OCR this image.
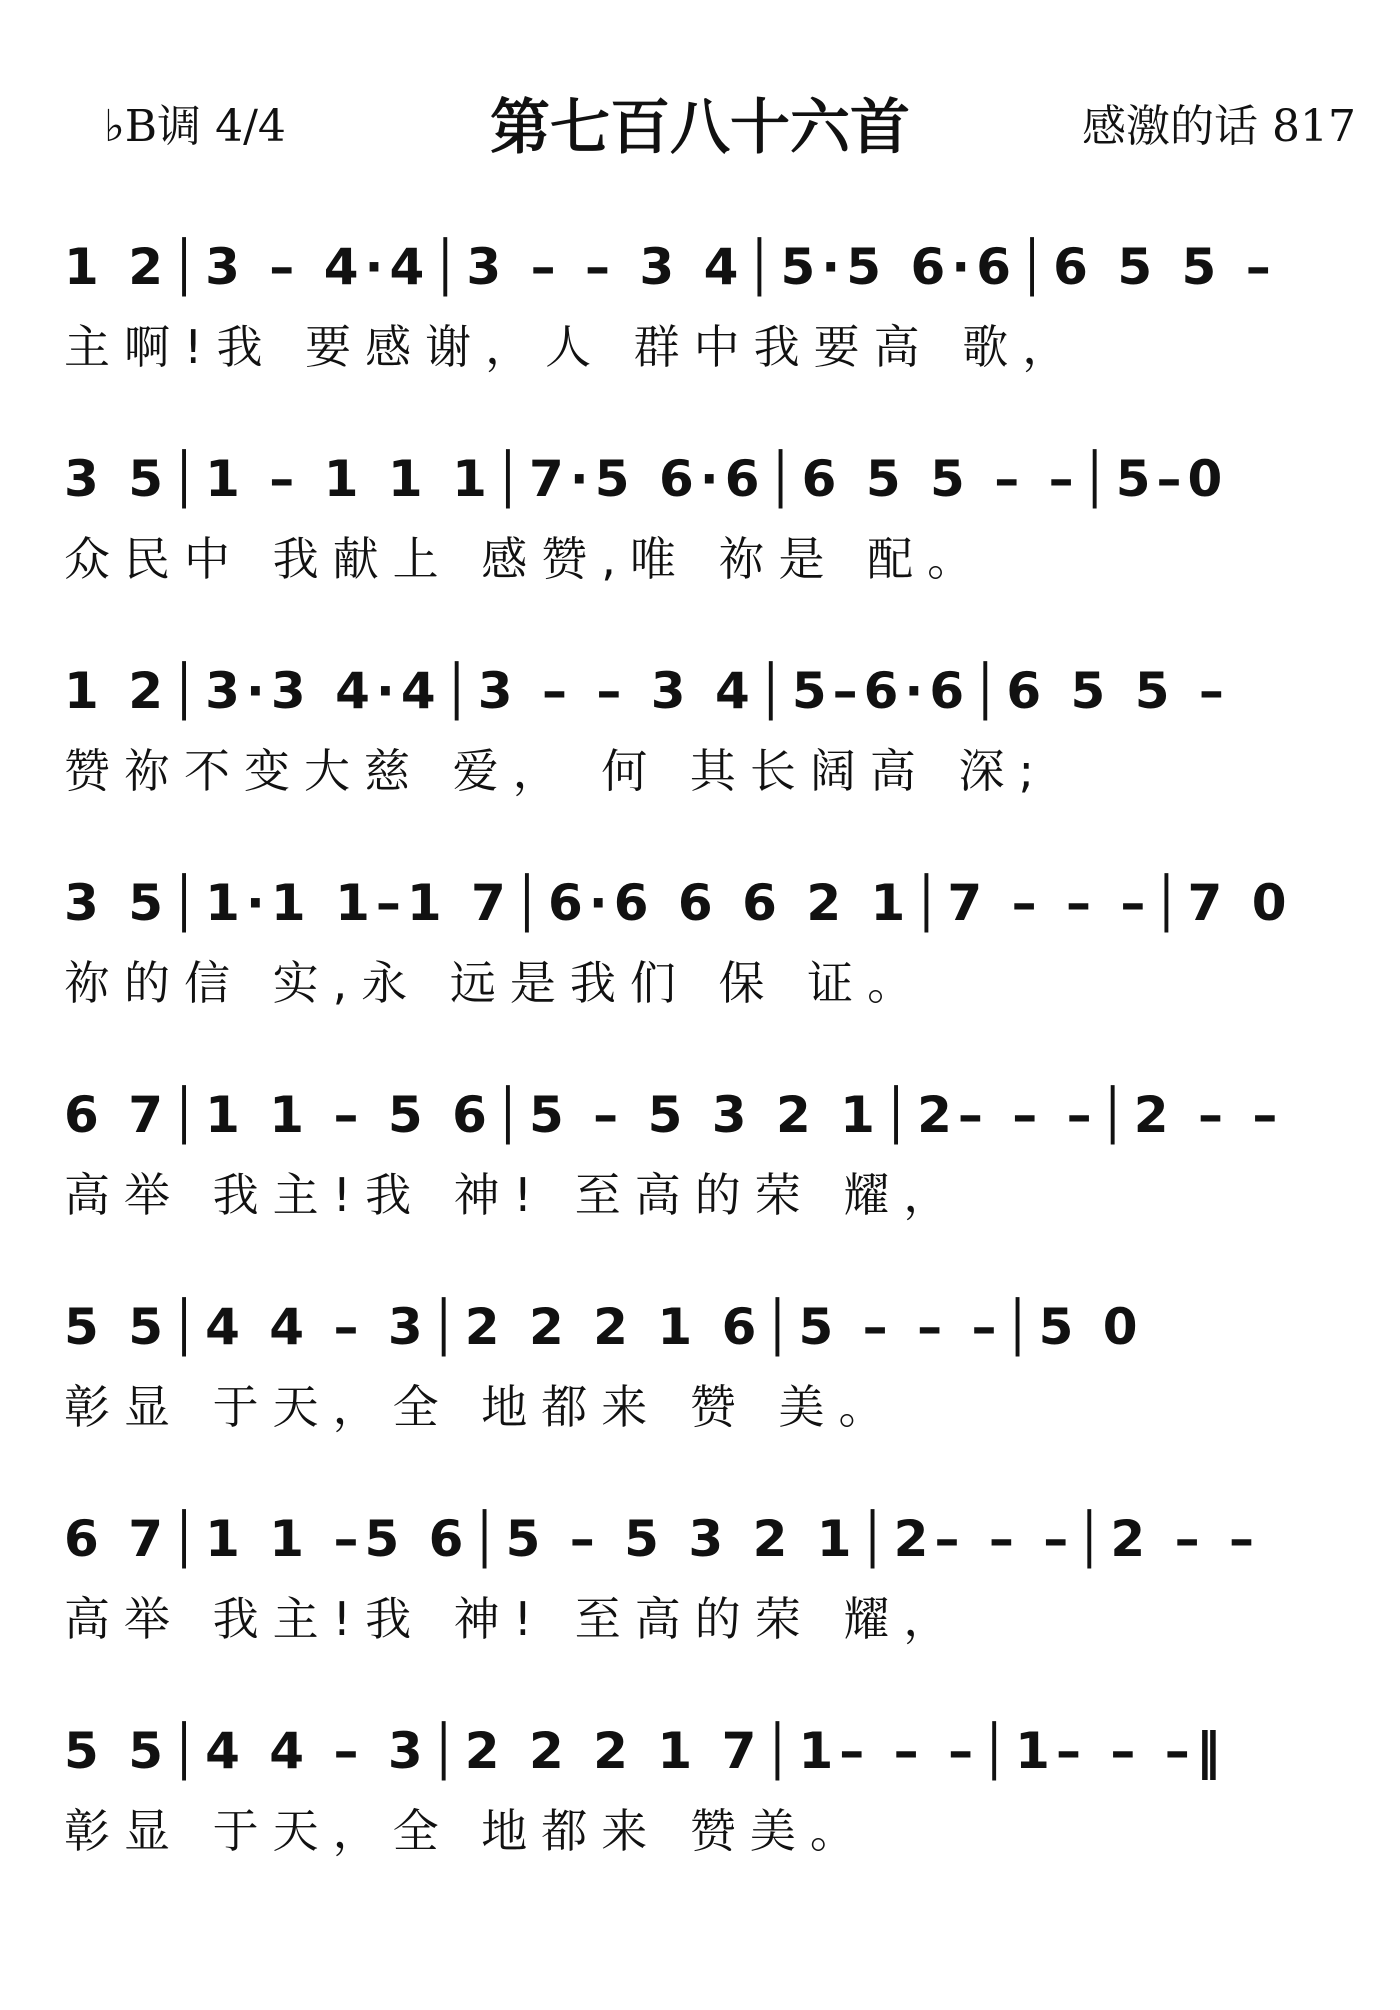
♭B调 4/4	第七百八十六首	感激的话 817
1 2│3 – 4·4│3 – – 3 4│5·5 6·6│6 5 5 –
主啊!我 要感谢，人 群中我要高 歌，
3 5│1 – 1 1 1│7·5 6·6│6 5 5 – –│5–0
众民中 我献上 感赞,唯 祢是 配。
1 2│3·3 4·4│3 – – 3 4│5–6·6│6 5 5 –
赞祢不变大慈 爱， 何 其长阔高 深;
3 5│1·1 1–1 7│6·6 6 6 2 1│7 – – –│7 0
祢的信 实,永 远是我们 保 证。
6 7│1 1 – 5 6│5 – 5 3 2 1│2– – –│2 – –
高举 我主!我 神! 至高的荣 耀，
5 5│4 4 – 3│2 2 2 1 6│5 – – –│5 0
彰显 于天，全 地都来 赞 美。
6 7│1 1 –5 6│5 – 5 3 2 1│2– – –│2 – –
高举 我主!我 神! 至高的荣 耀，
5 5│4 4 – 3│2 2 2 1 7│1– – –│1– – –‖
彰显 于天，全 地都来 赞美。
